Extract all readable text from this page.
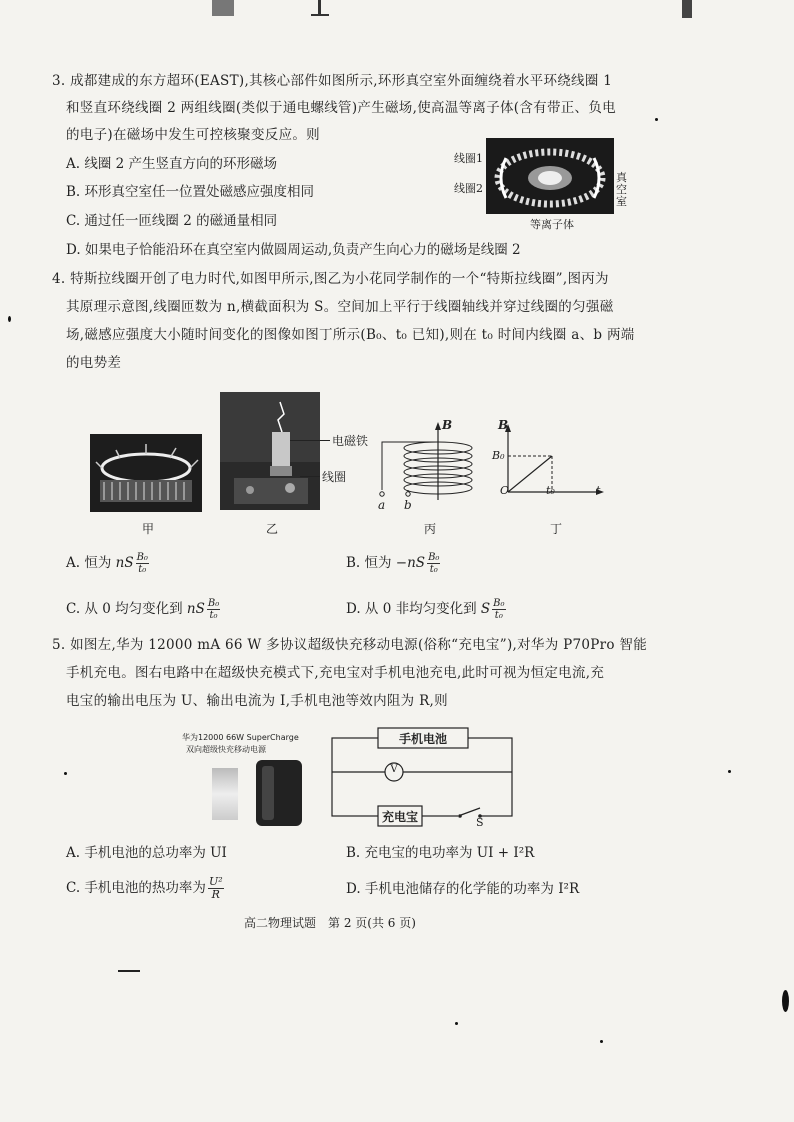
3. 成都建成的东方超环(EAST),其核心部件如图所示,环形真空室外面缠绕着水平环绕线圈 1
和竖直环绕线圈 2 两组线圈(类似于通电螺线管)产生磁场,使高温等离子体(含有带正、负电
的电子)在磁场中发生可控核聚变反应。则
A. 线圈 2 产生竖直方向的环形磁场
B. 环形真空室任一位置处磁感应强度相同
C. 通过任一匝线圈 2 的磁通量相同
D. 如果电子恰能沿环在真空室内做圆周运动,负责产生向心力的磁场是线圈 2
线圈1
线圈2
真空室
等离子体
4. 特斯拉线圈开创了电力时代,如图甲所示,图乙为小花同学制作的一个“特斯拉线圈”,图丙为
其原理示意图,线圈匝数为 n,横截面积为 S。空间加上平行于线圈轴线并穿过线圈的匀强磁
场,磁感应强度大小随时间变化的图像如图丁所示(B₀、t₀ 已知),则在 t₀ 时间内线圈 a、b 两端
的电势差
甲
电磁铁
线圈
乙
B
a b
丙
B
B₀
O	t₀	t
丁
A. 恒为 nS $\frac{\text{B₀}}{\text{t₀}}$	B. 恒为 $-nS \frac{\text{B₀}}{\text{t₀}}$
C. 从 0 均匀变化到 nS $\frac{\text{B₀}}{\text{t₀}}$	D. 从 0 非均匀变化到 S $\frac{\text{B₀}}{\text{t₀}}$
5. 如图左,华为 12000 mA 66 W 多协议超级快充移动电源(俗称“充电宝”),对华为 P70Pro 智能
手机充电。图右电路中在超级快充模式下,充电宝对手机电池充电,此时可视为恒定电流,充
电宝的输出电压为 U、输出电流为 I,手机电池等效内阻为 R,则
华为12000 66W SuperCharge
双向超级快充移动电源
手机电池
V
充电宝	S
A. 手机电池的总功率为 UI	B. 充电宝的电功率为 UI + I²R
C. 手机电池的热功率为 $\frac{\text{U²}}{R}$	D. 手机电池储存的化学能的功率为 I²R
高二物理试题　第 2 页(共 6 页)
